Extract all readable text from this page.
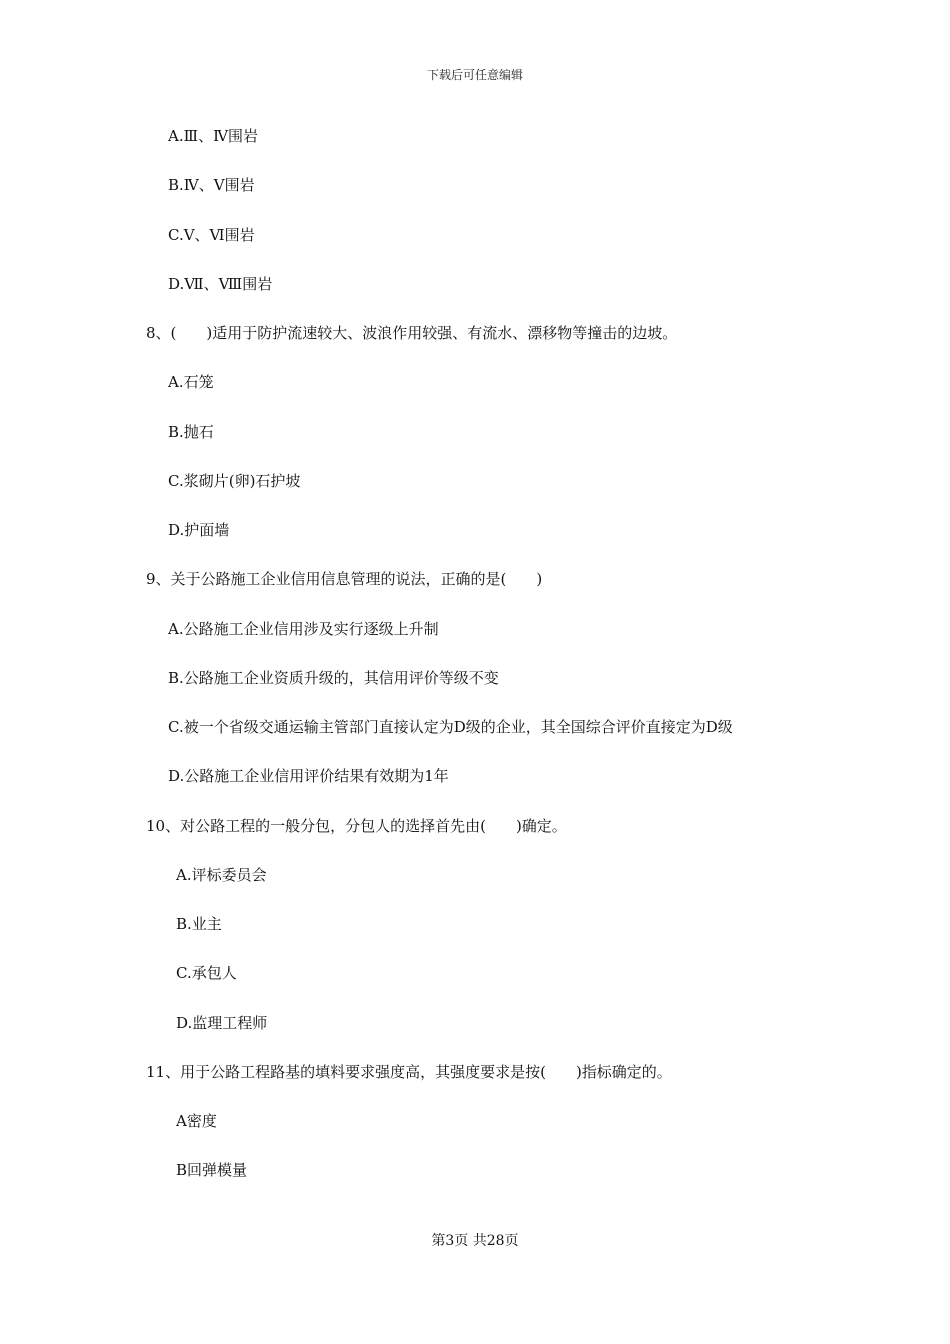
下载后可任意编辑
A.Ⅲ、Ⅳ围岩
B.Ⅳ、Ⅴ围岩
C.Ⅴ、Ⅵ围岩
D.Ⅶ、Ⅷ围岩
8、(　　)适用于防护流速较大、波浪作用较强、有流水、漂移物等撞击的边坡。
A.石笼
B.抛石
C.浆砌片(卵)石护坡
D.护面墙
9、关于公路施工企业信用信息管理的说法，正确的是(　　)
A.公路施工企业信用涉及实行逐级上升制
B.公路施工企业资质升级的，其信用评价等级不变
C.被一个省级交通运输主管部门直接认定为D级的企业，其全国综合评价直接定为D级
D.公路施工企业信用评价结果有效期为1年
10、对公路工程的一般分包，分包人的选择首先由(　　)确定。
A.评标委员会
B.业主
C.承包人
D.监理工程师
11、用于公路工程路基的填料要求强度高，其强度要求是按(　　)指标确定的。
A密度
B回弹模量
第3页 共28页
